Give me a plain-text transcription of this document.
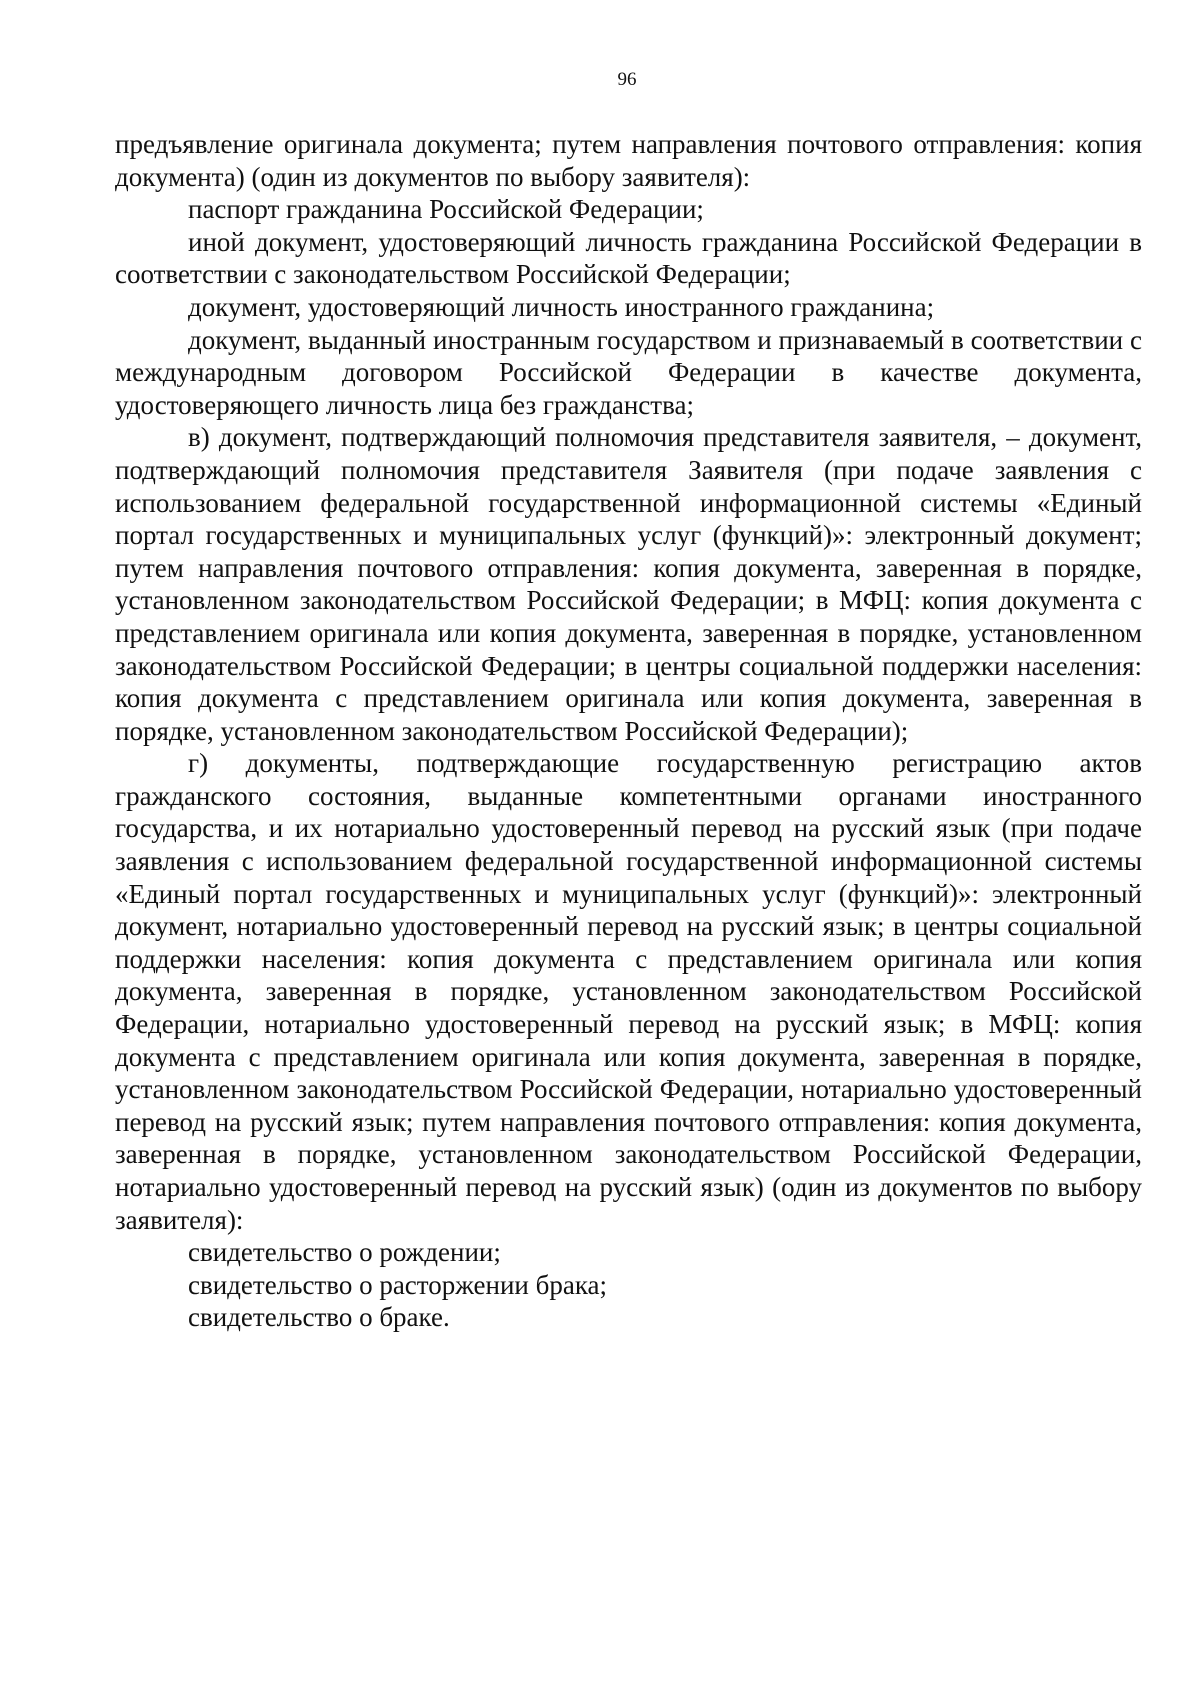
96

предъявление оригинала документа; путем направления почтового отправления: копия документа) (один из документов по выбору заявителя):

паспорт гражданина Российской Федерации;

иной документ, удостоверяющий личность гражданина Российской Федерации в соответствии с законодательством Российской Федерации;

документ, удостоверяющий личность иностранного гражданина;

документ, выданный иностранным государством и признаваемый в соответствии с международным договором Российской Федерации в качестве документа, удостоверяющего личность лица без гражданства;

в) документ, подтверждающий полномочия представителя заявителя, – документ, подтверждающий полномочия представителя Заявителя (при подаче заявления с использованием федеральной государственной информационной системы «Единый портал государственных и муниципальных услуг (функций)»: электронный документ; путем направления почтового отправления: копия документа, заверенная в порядке, установленном законодательством Российской Федерации; в МФЦ: копия документа с представлением оригинала или копия документа, заверенная в порядке, установленном законодательством Российской Федерации; в центры социальной поддержки населения: копия документа с представлением оригинала или копия документа, заверенная в порядке, установленном законодательством Российской Федерации);

г) документы, подтверждающие государственную регистрацию актов гражданского состояния, выданные компетентными органами иностранного государства, и их нотариально удостоверенный перевод на русский язык (при подаче заявления с использованием федеральной государственной информационной системы «Единый портал государственных и муниципальных услуг (функций)»: электронный документ, нотариально удостоверенный перевод на русский язык; в центры социальной поддержки населения: копия документа с представлением оригинала или копия документа, заверенная в порядке, установленном законодательством Российской Федерации, нотариально удостоверенный перевод на русский язык; в МФЦ: копия документа с представлением оригинала или копия документа, заверенная в порядке, установленном законодательством Российской Федерации, нотариально удостоверенный перевод на русский язык; путем направления почтового отправления: копия документа, заверенная в порядке, установленном законодательством Российской Федерации, нотариально удостоверенный перевод на русский язык) (один из документов по выбору заявителя):

свидетельство о рождении;

свидетельство о расторжении брака;

свидетельство о браке.
